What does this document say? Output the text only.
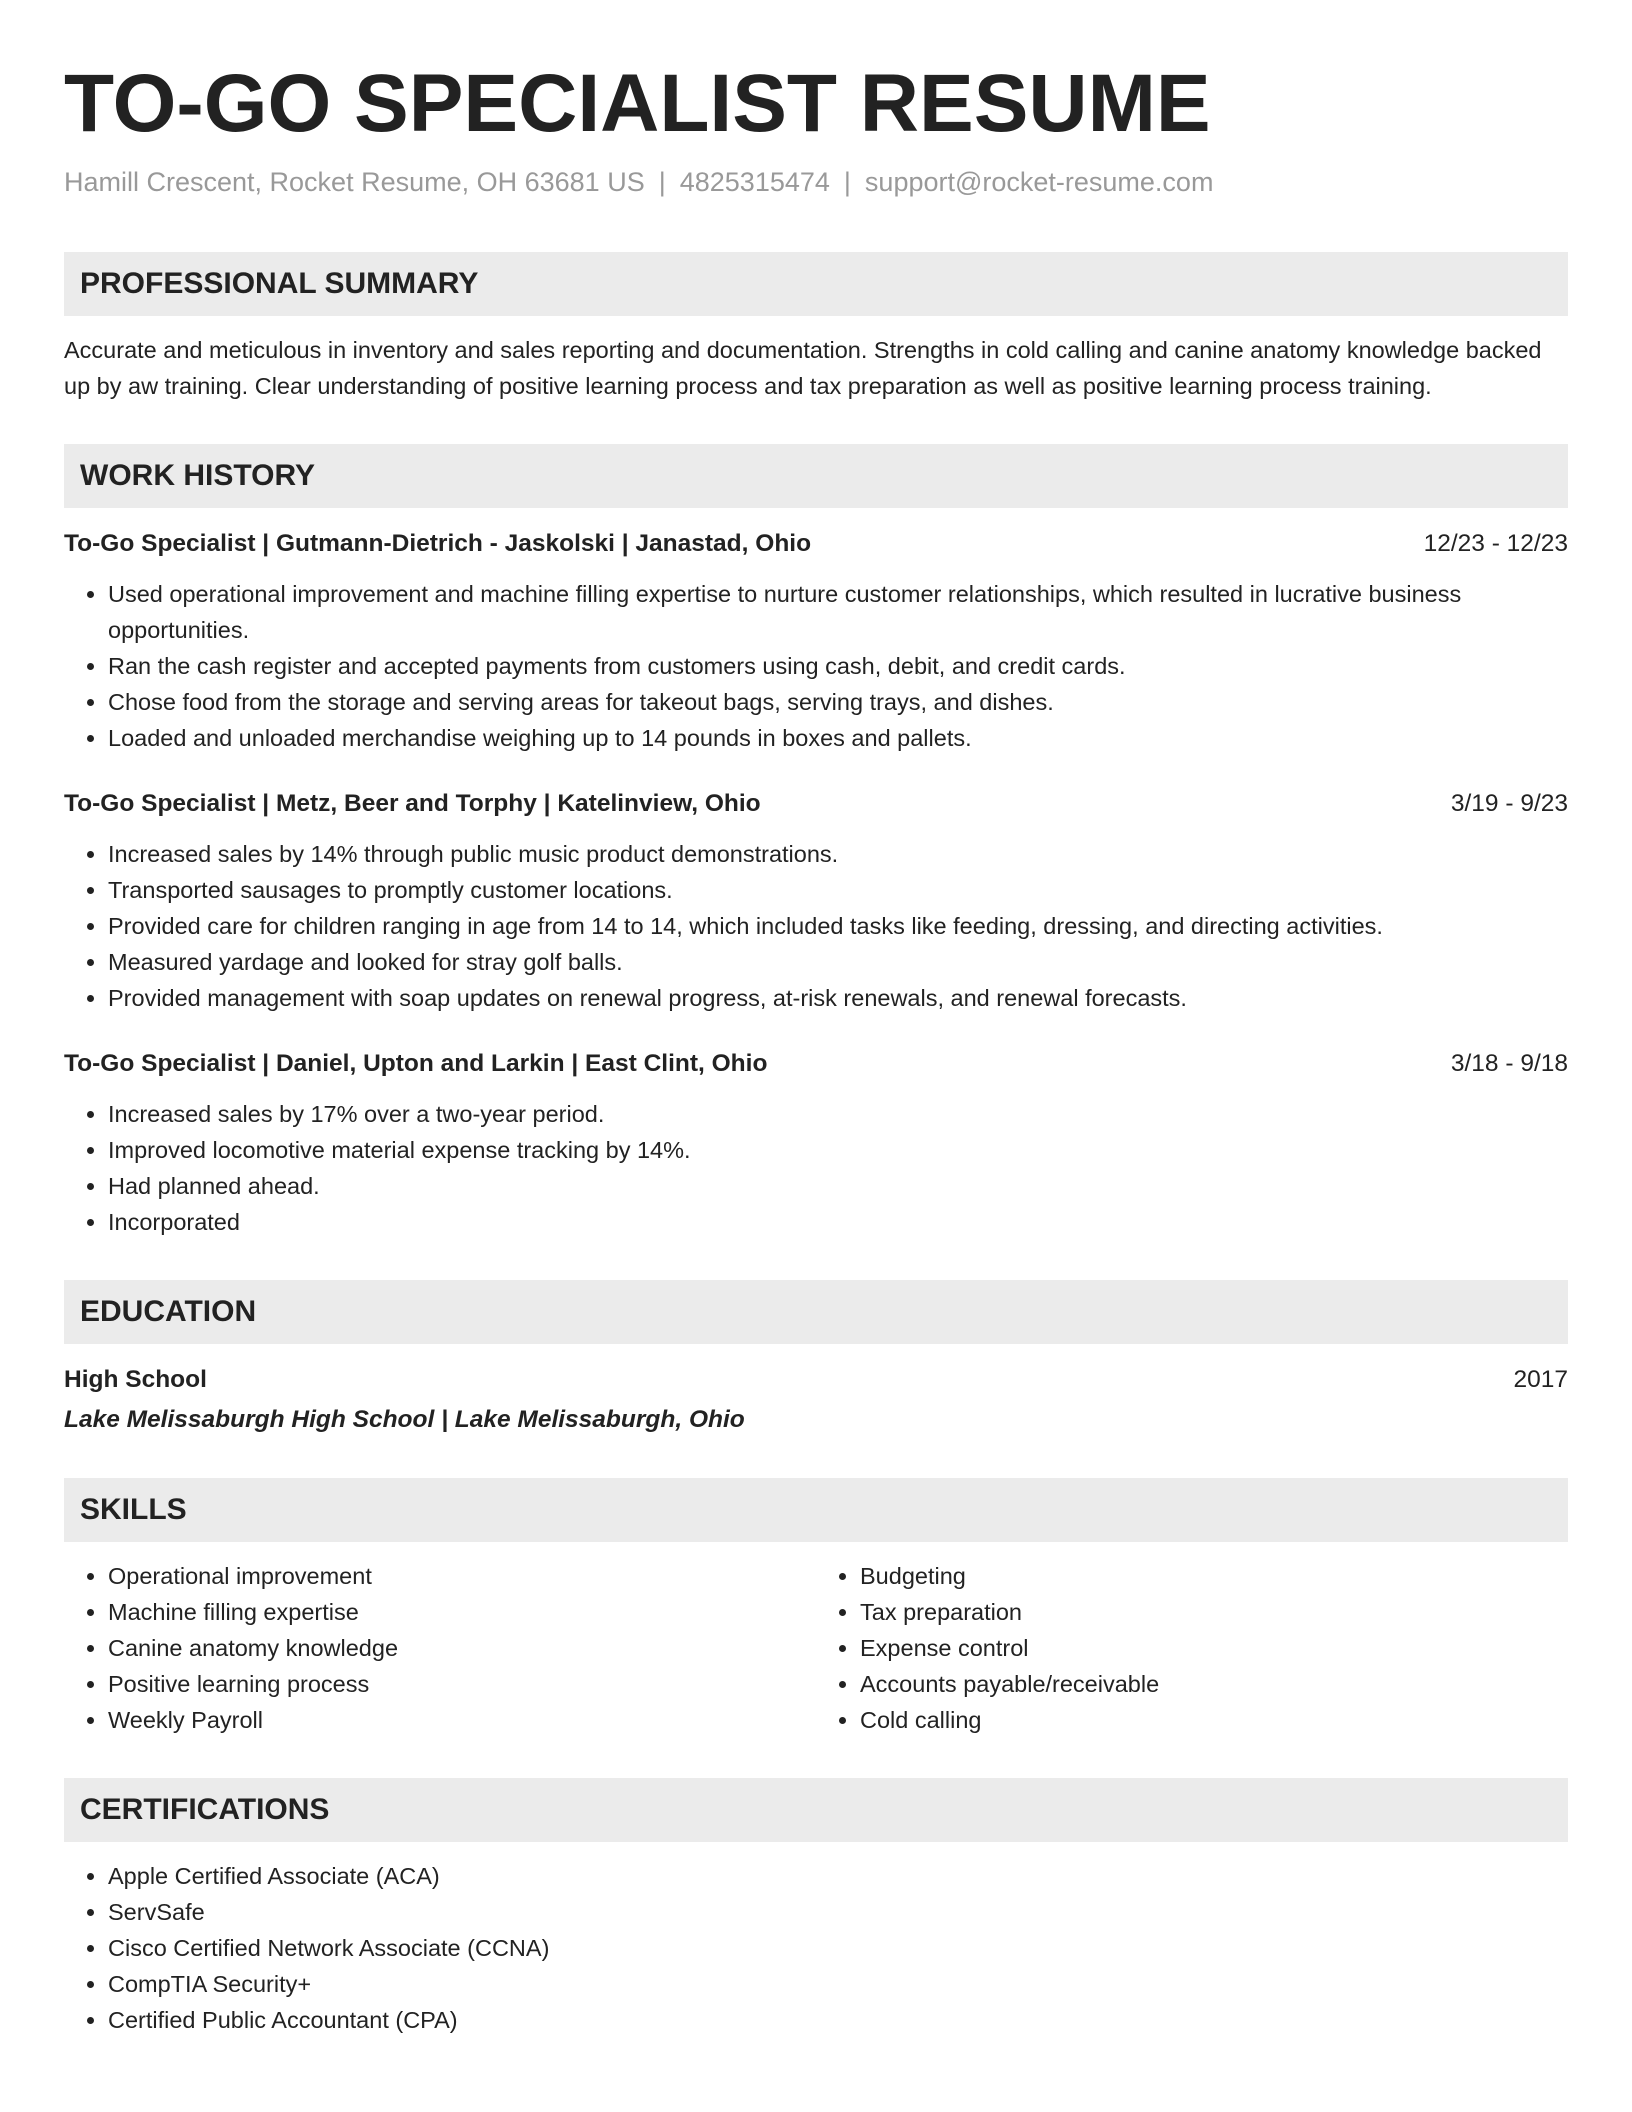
TO-GO SPECIALIST RESUME
Hamill Crescent, Rocket Resume, OH 63681 US | 4825315474 | support@rocket-resume.com
PROFESSIONAL SUMMARY
Accurate and meticulous in inventory and sales reporting and documentation. Strengths in cold calling and canine anatomy knowledge backed up by aw training. Clear understanding of positive learning process and tax preparation as well as positive learning process training.
WORK HISTORY
To-Go Specialist | Gutmann-Dietrich - Jaskolski | Janastad, Ohio	12/23 - 12/23
• Used operational improvement and machine filling expertise to nurture customer relationships, which resulted in lucrative business opportunities.
• Ran the cash register and accepted payments from customers using cash, debit, and credit cards.
• Chose food from the storage and serving areas for takeout bags, serving trays, and dishes.
• Loaded and unloaded merchandise weighing up to 14 pounds in boxes and pallets.
To-Go Specialist | Metz, Beer and Torphy | Katelinview, Ohio	3/19 - 9/23
• Increased sales by 14% through public music product demonstrations.
• Transported sausages to promptly customer locations.
• Provided care for children ranging in age from 14 to 14, which included tasks like feeding, dressing, and directing activities.
• Measured yardage and looked for stray golf balls.
• Provided management with soap updates on renewal progress, at-risk renewals, and renewal forecasts.
To-Go Specialist | Daniel, Upton and Larkin | East Clint, Ohio	3/18 - 9/18
• Increased sales by 17% over a two-year period.
• Improved locomotive material expense tracking by 14%.
• Had planned ahead.
• Incorporated
EDUCATION
High School	2017
Lake Melissaburgh High School | Lake Melissaburgh, Ohio
SKILLS
• Operational improvement
• Machine filling expertise
• Canine anatomy knowledge
• Positive learning process
• Weekly Payroll
• Budgeting
• Tax preparation
• Expense control
• Accounts payable/receivable
• Cold calling
CERTIFICATIONS
• Apple Certified Associate (ACA)
• ServSafe
• Cisco Certified Network Associate (CCNA)
• CompTIA Security+
• Certified Public Accountant (CPA)
